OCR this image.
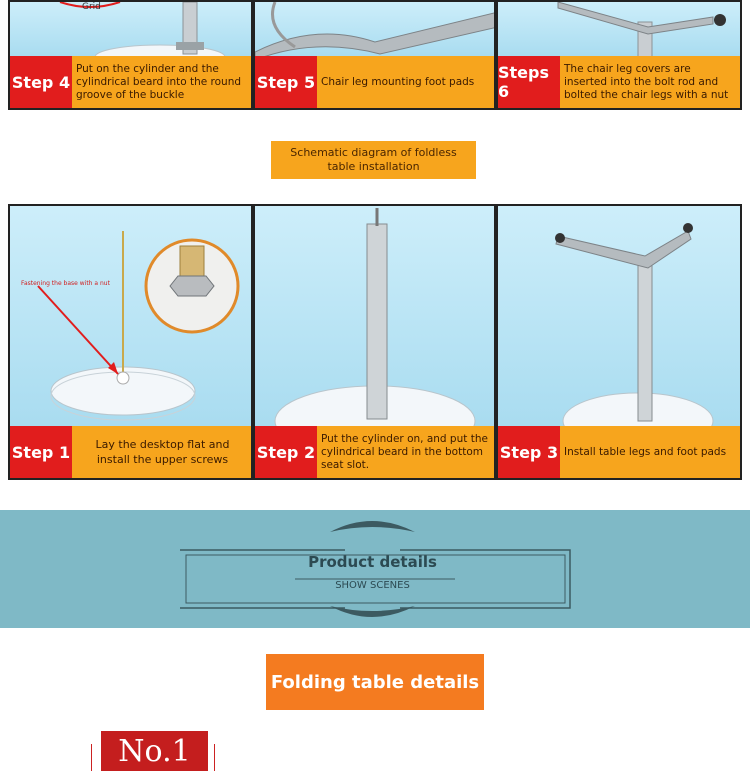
Grid
Step 4
Put on the cylinder and the cylindrical beard into the round groove of the buckle
Step 5 Chair leg mounting foot pads	Steps 6
The chair leg covers are inserted into the bolt rod and bolted the chair legs with a nut
Schematic diagram of foldless table installation
Fastening the base with a nut
Step 1	Lay the desktop flat and install the upper screws	Step 2
Put the cylinder on, and put the cylindrical beard in the bottom seat slot.
Step 3 Install table legs and foot pads
Product details
SHOW SCENES
Folding table details
No.1
